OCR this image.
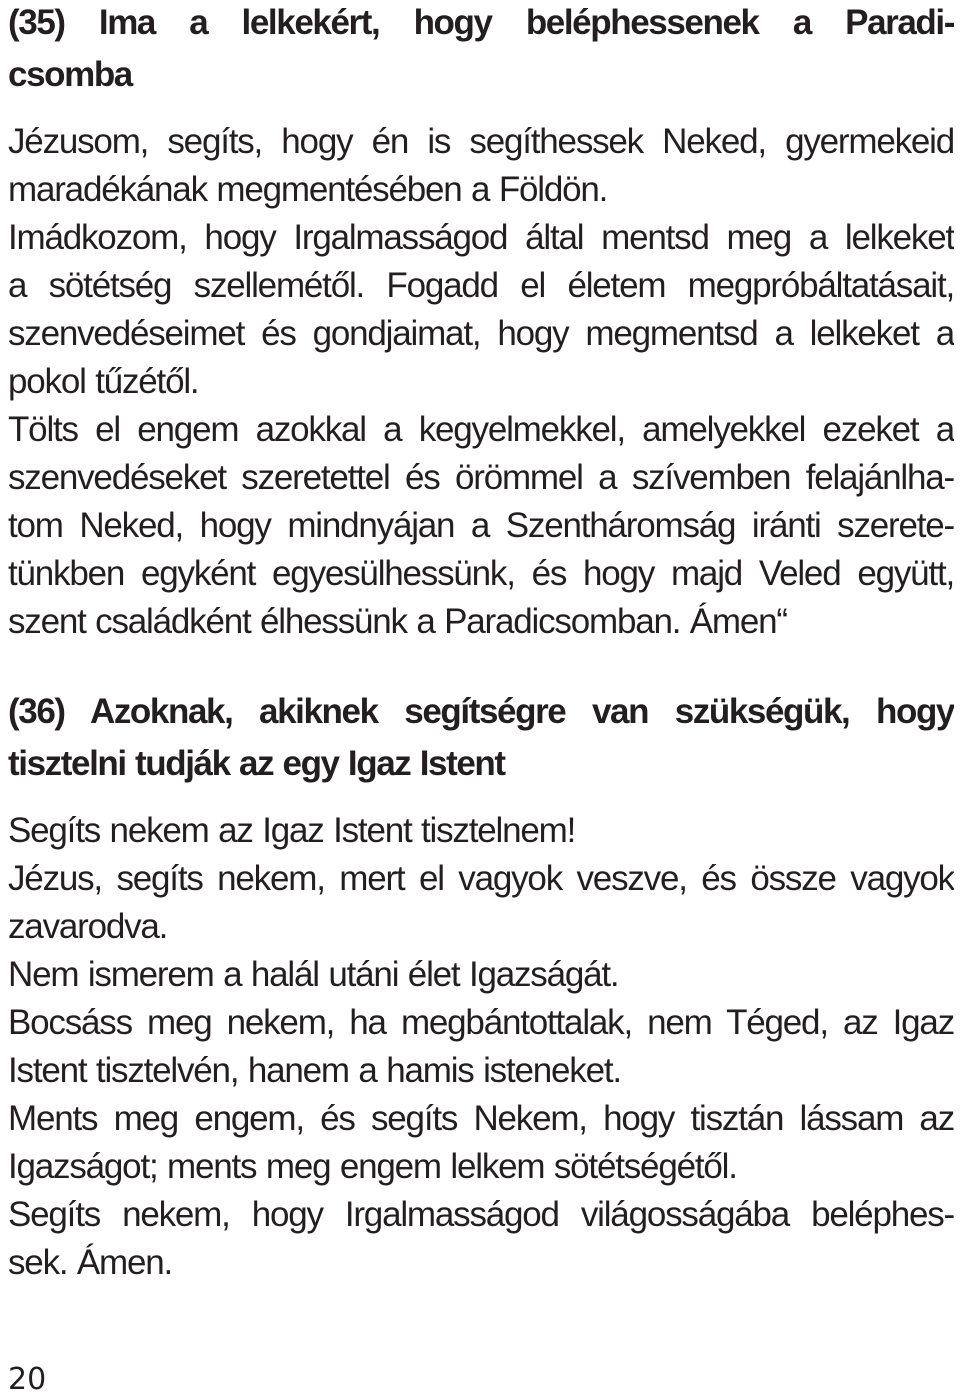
(35) Ima a lelkekért, hogy beléphessenek a Paradi-
csomba
Jézusom, segíts, hogy én is segíthessek Neked, gyermekeid
maradékának megmentésében a Földön.
Imádkozom, hogy Irgalmasságod által mentsd meg a lelkeket
a sötétség szellemétől. Fogadd el életem megpróbáltatásait,
szenvedéseimet és gondjaimat, hogy megmentsd a lelkeket a
pokol tűzétől.
Tölts el engem azokkal a kegyelmekkel, amelyekkel ezeket a
szenvedéseket szeretettel és örömmel a szívemben felajánlha-
tom Neked, hogy mindnyájan a Szentháromság iránti szerete-
tünkben egyként egyesülhessünk, és hogy majd Veled együtt,
szent családként élhessünk a Paradicsomban. Ámen“
(36) Azoknak, akiknek segítségre van szükségük, hogy
tisztelni tudják az egy Igaz Istent
Segíts nekem az Igaz Istent tisztelnem!
Jézus, segíts nekem, mert el vagyok veszve, és össze vagyok
zavarodva.
Nem ismerem a halál utáni élet Igazságát.
Bocsáss meg nekem, ha megbántottalak, nem Téged, az Igaz
Istent tisztelvén, hanem a hamis isteneket.
Ments meg engem, és segíts Nekem, hogy tisztán lássam az
Igazságot; ments meg engem lelkem sötétségétől.
Segíts nekem, hogy Irgalmasságod világosságába beléphes-
sek. Ámen.
20
